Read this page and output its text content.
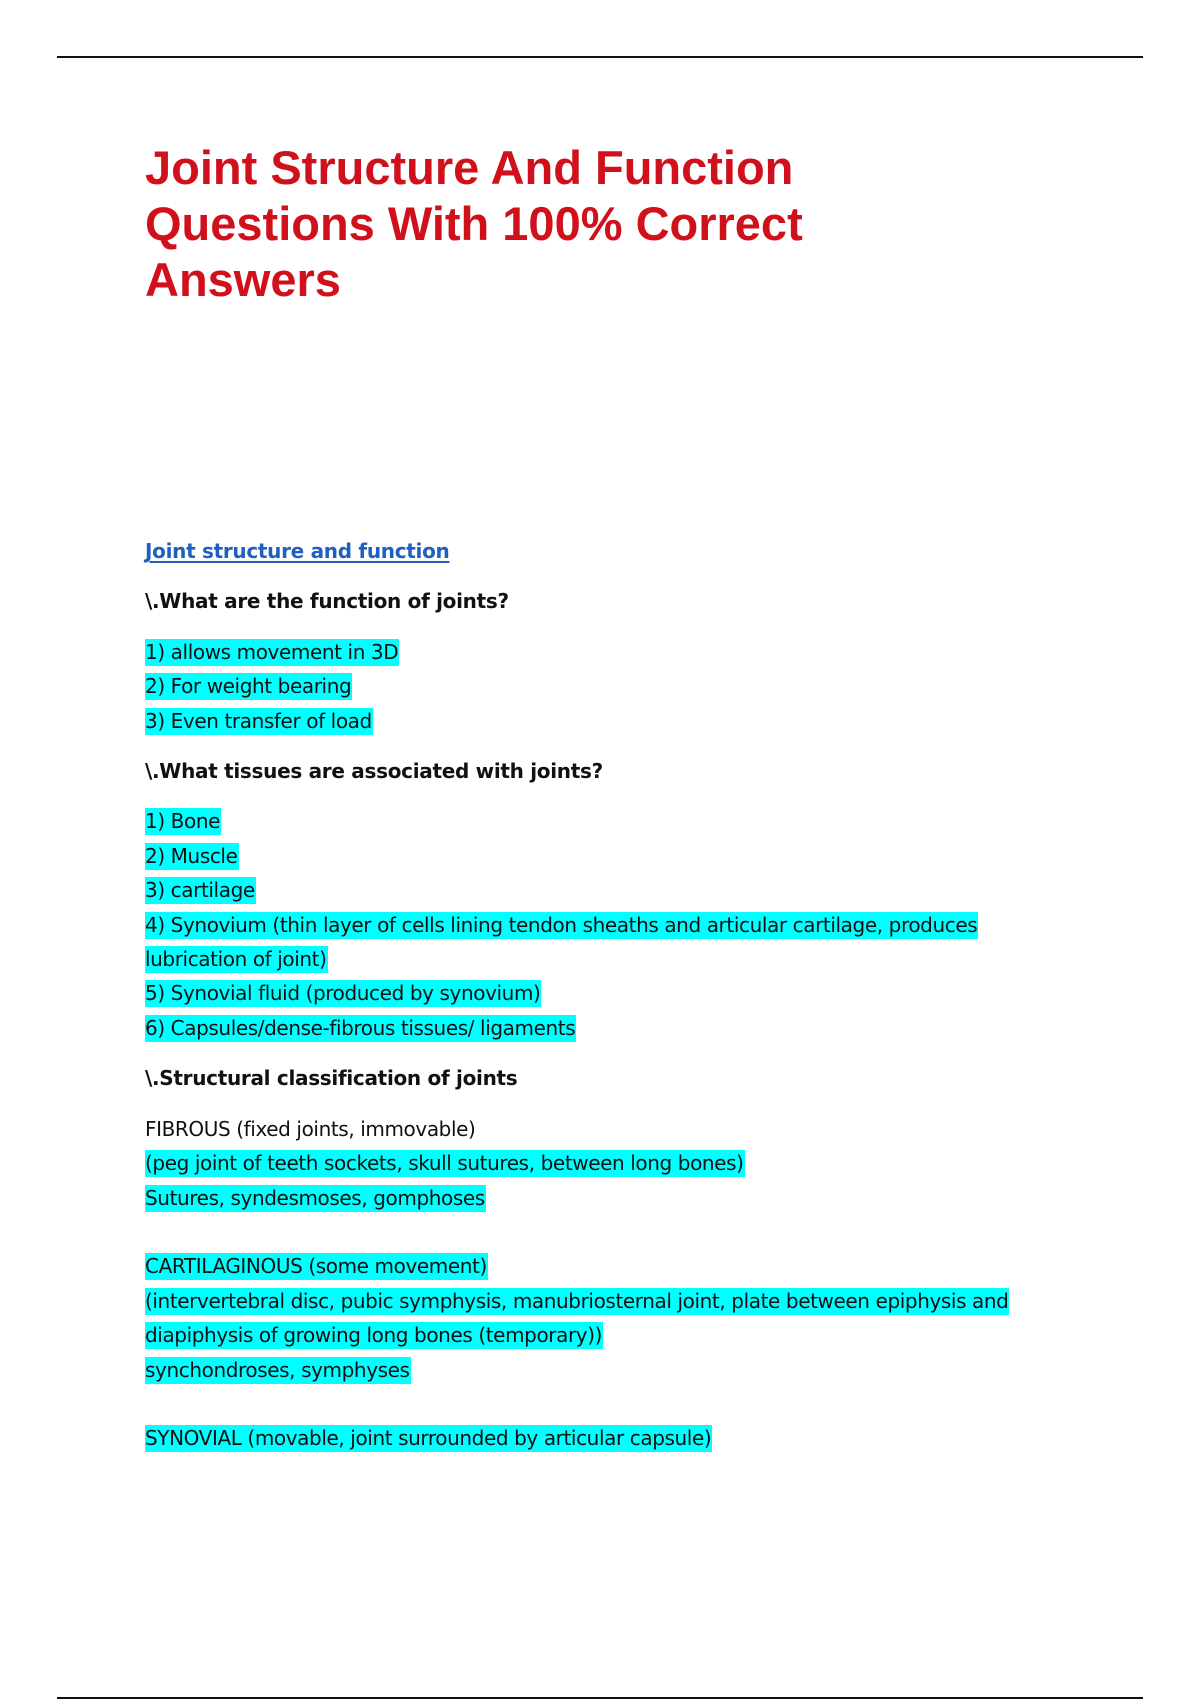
Joint Structure And Function
Questions With 100% Correct
Answers
Joint structure and function
\.What are the function of joints?
1) allows movement in 3D
2) For weight bearing
3) Even transfer of load
\.What tissues are associated with joints?
1) Bone
2) Muscle
3) cartilage
4) Synovium (thin layer of cells lining tendon sheaths and articular cartilage, produces lubrication of joint)
5) Synovial fluid (produced by synovium)
6) Capsules/dense-fibrous tissues/ ligaments
\.Structural classification of joints
FIBROUS (fixed joints, immovable)
(peg joint of teeth sockets, skull sutures, between long bones)
Sutures, syndesmoses, gomphoses
CARTILAGINOUS (some movement)
(intervertebral disc, pubic symphysis, manubriosternal joint, plate between epiphysis and diapiphysis of growing long bones (temporary))
synchondroses, symphyses
SYNOVIAL (movable, joint surrounded by articular capsule)
